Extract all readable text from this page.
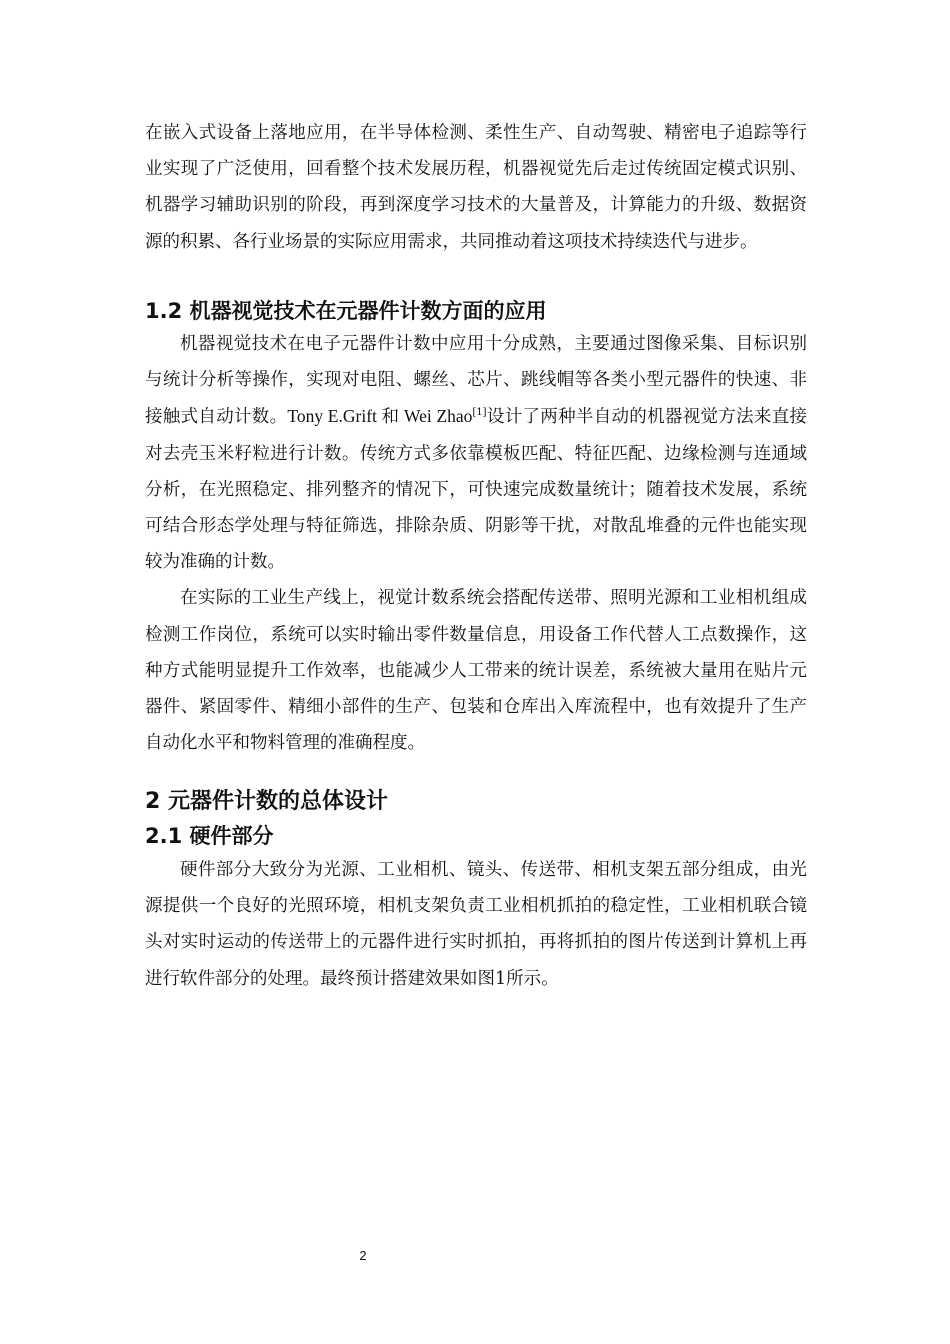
在嵌入式设备上落地应用，在半导体检测、柔性生产、自动驾驶、精密电子追踪等行业实现了广泛使用，回看整个技术发展历程，机器视觉先后走过传统固定模式识别、机器学习辅助识别的阶段，再到深度学习技术的大量普及，计算能力的升级、数据资源的积累、各行业场景的实际应用需求，共同推动着这项技术持续迭代与进步。

1.2 机器视觉技术在元器件计数方面的应用

机器视觉技术在电子元器件计数中应用十分成熟，主要通过图像采集、目标识别与统计分析等操作，实现对电阻、螺丝、芯片、跳线帽等各类小型元器件的快速、非接触式自动计数。Tony E.Grift 和 Wei Zhao[1]设计了两种半自动的机器视觉方法来直接对去壳玉米籽粒进行计数。传统方式多依靠模板匹配、特征匹配、边缘检测与连通域分析，在光照稳定、排列整齐的情况下，可快速完成数量统计；随着技术发展，系统可结合形态学处理与特征筛选，排除杂质、阴影等干扰，对散乱堆叠的元件也能实现较为准确的计数。

在实际的工业生产线上，视觉计数系统会搭配传送带、照明光源和工业相机组成检测工作岗位，系统可以实时输出零件数量信息，用设备工作代替人工点数操作，这种方式能明显提升工作效率，也能减少人工带来的统计误差，系统被大量用在贴片元器件、紧固零件、精细小部件的生产、包装和仓库出入库流程中，也有效提升了生产自动化水平和物料管理的准确程度。

2 元器件计数的总体设计
2.1 硬件部分

硬件部分大致分为光源、工业相机、镜头、传送带、相机支架五部分组成，由光源提供一个良好的光照环境，相机支架负责工业相机抓拍的稳定性，工业相机联合镜头对实时运动的传送带上的元器件进行实时抓拍，再将抓拍的图片传送到计算机上再进行软件部分的处理。最终预计搭建效果如图1所示。

2
